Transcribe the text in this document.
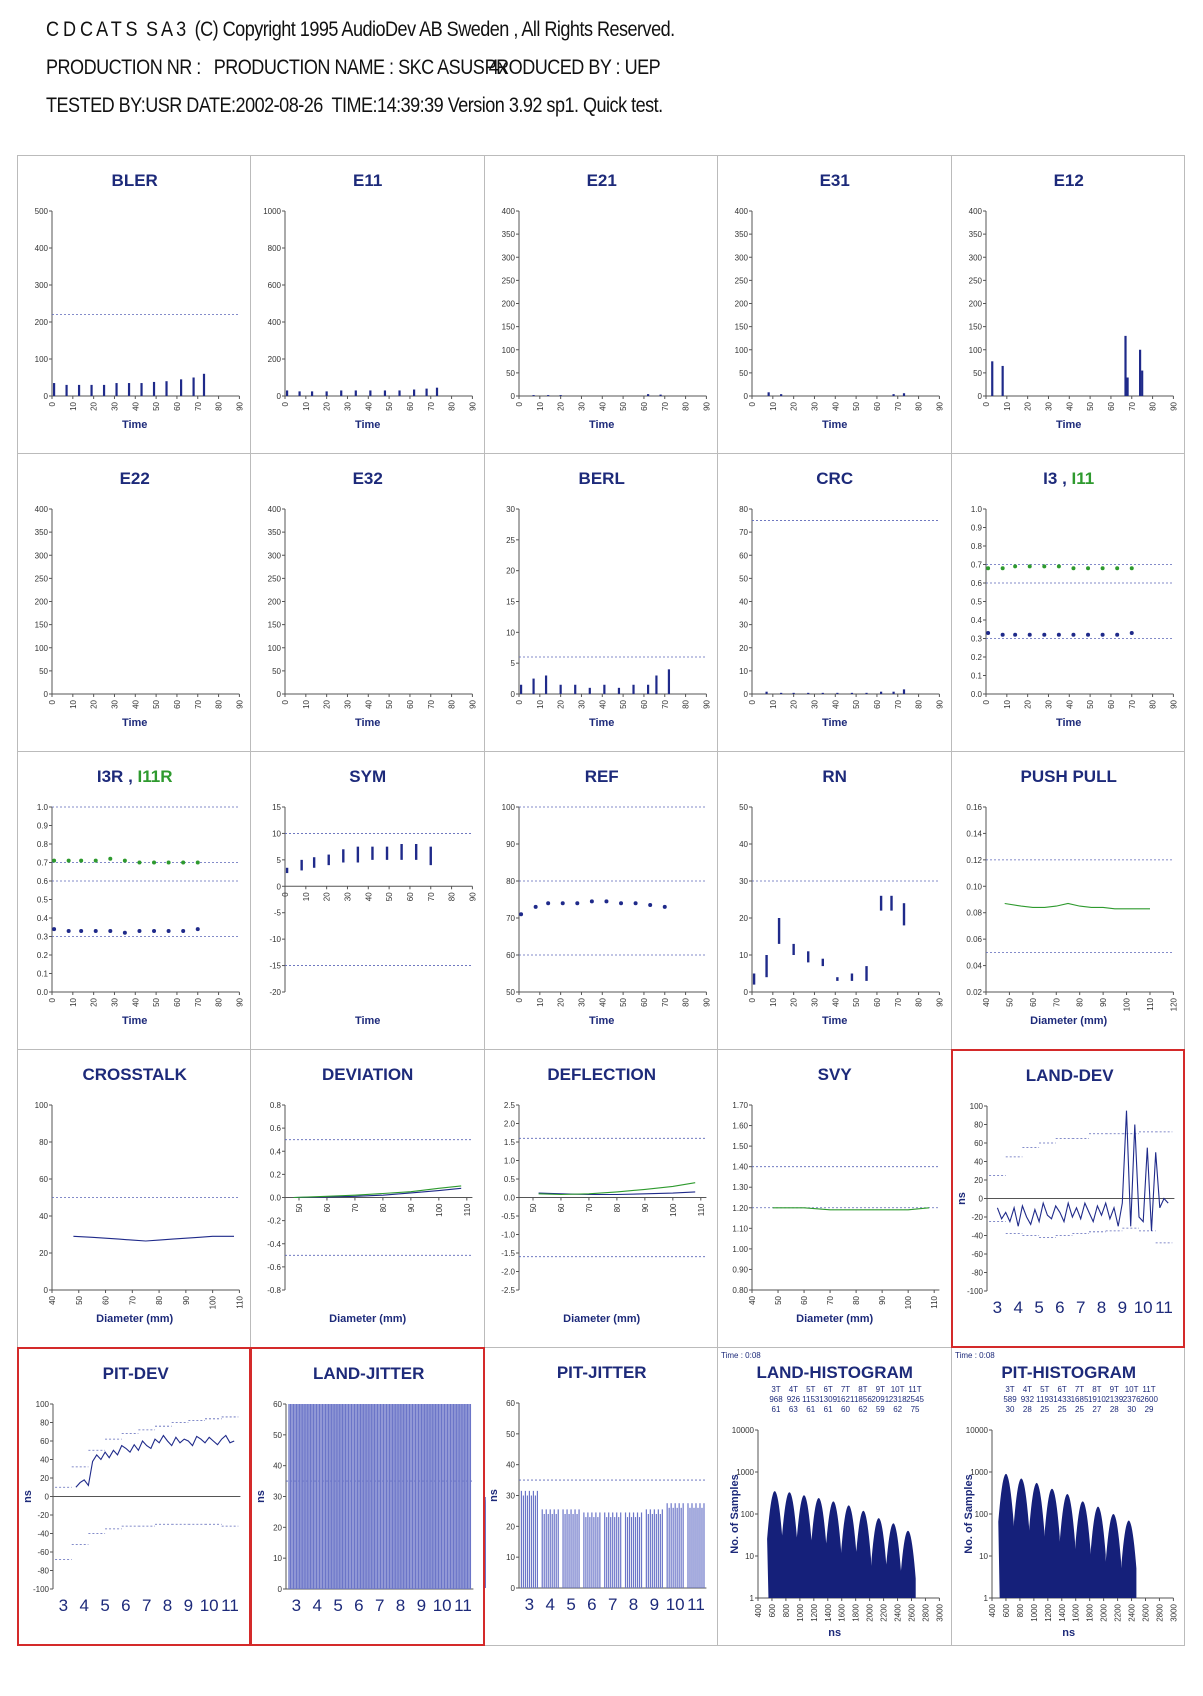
C D C A T S  S A 3  (C) Copyright 1995 AudioDev AB Sweden , All Rights Reserved.
PRODUCTION NR : PRODUCTION NAME : SKC ASUS 4xPRODUCED BY : UEP
TESTED BY:USR DATE:2002-08-26  TIME:14:39:39 Version 3.92 sp1. Quick test.
BLER
0
100
200
300
400
500
0 10 20 30 40 50 60 70 80 90
Time
E11
0
200
400
600
800
1000
0 10 20 30 40 50 60 70 80 90
Time
E21
0
50
100
150
200
250
300
350
400
0 10 20 30 40 50 60 70 80 90
Time
E31
0
50
100
150
200
250
300
350
400
0 10 20 30 40 50 60 70 80 90
Time
E12
0
50
100
150
200
250
300
350
400
0 10 20 30 40 50 60 70 80 90
Time
E22
0
50
100
150
200
250
300
350
400
0 10 20 30 40 50 60 70 80 90
Time
E32
0
50
100
150
200
250
300
350
400
0 10 20 30 40 50 60 70 80 90
Time
BERL
0
5
10
15
20
25
30
0 10 20 30 40 50 60 70 80 90
Time
CRC
0
10
20
30
40
50
60
70
80
0 10 20 30 40 50 60 70 80 90
Time
I3 , I11
0.0
0.1
0.2
0.3
0.4
0.5
0.6
0.7
0.8
0.9
1.0
0 10 20 30 40 50 60 70 80 90
Time
I3R , I11R
0.0
0.1
0.2
0.3
0.4
0.5
0.6
0.7
0.8
0.9
1.0
0 10 20 30 40 50 60 70 80 90
Time
SYM
-20
-15
-10
-5
0
5
10
15
0 10 20 30 40 50 60 70 80 90
Time
REF
50
60
70
80
90
100
0 10 20 30 40 50 60 70 80 90
Time
RN
0
10
20
30
40
50
0 10 20 30 40 50 60 70 80 90
Time
PUSH PULL
0.02
0.04
0.06
0.08
0.10
0.12
0.14
0.16
40 50 60 70 80 90 100 110 120
Diameter (mm)
CROSSTALK
0
20
40
60
80
100
40 50 60 70 80 90 100 110
Diameter (mm)
DEVIATION
-0.8
-0.6
-0.4
-0.2
0.0
0.2
0.4
0.6
0.8
50 60 70 80 90 100 110
Diameter (mm)
DEFLECTION
-2.5
-2.0
-1.5
-1.0
-0.5
0.0
0.5
1.0
1.5
2.0
2.5
50 60 70 80 90 100 110
Diameter (mm)
SVY
0.80
0.90
1.00
1.10
1.20
1.30
1.40
1.50
1.60
1.70
40 50 60 70 80 90 100 110
Diameter (mm)
LAND-DEV
-100
-80
-60
-40
-20
0
20
40
60
80
100
3 4 5 6 7 8 9 10 11
ns
PIT-DEV
-100
-80
-60
-40
-20
0
20
40
60
80
100
3 4 5 6 7 8 9 10 11
ns
LAND-JITTER
0
10
20
30
40
50
60
3 4 5 6 7 8 9 10 11
ns
PIT-JITTER
0
10
20
30
40
50
60
3 4 5 6 7 8 9 10 11
ns
LAND-HISTOGRAM
Time : 0:08
1
10
100
1000
10000
400 600 800 1000 1200 1400 1600 1800 2000 2200 2400 2600 2800 3000
ns
No. of Samples
3T
968
61
4T
926
63
5T
1153
61
6T
1309
61
7T
1621
60
8T
1856
62
9T
2091
59
10T
2318
62
11T
2545
75
PIT-HISTOGRAM
Time : 0:08
1
10
100
1000
10000
400 600 800 1000 1200 1400 1600 1800 2000 2200 2400 2600 2800 3000
ns
No. of Samples
3T
589
30
4T
932
28
5T
1193
25
6T
1433
25
7T
1685
25
8T
1910
27
9T
2139
28
10T
2376
30
11T
2600
29
